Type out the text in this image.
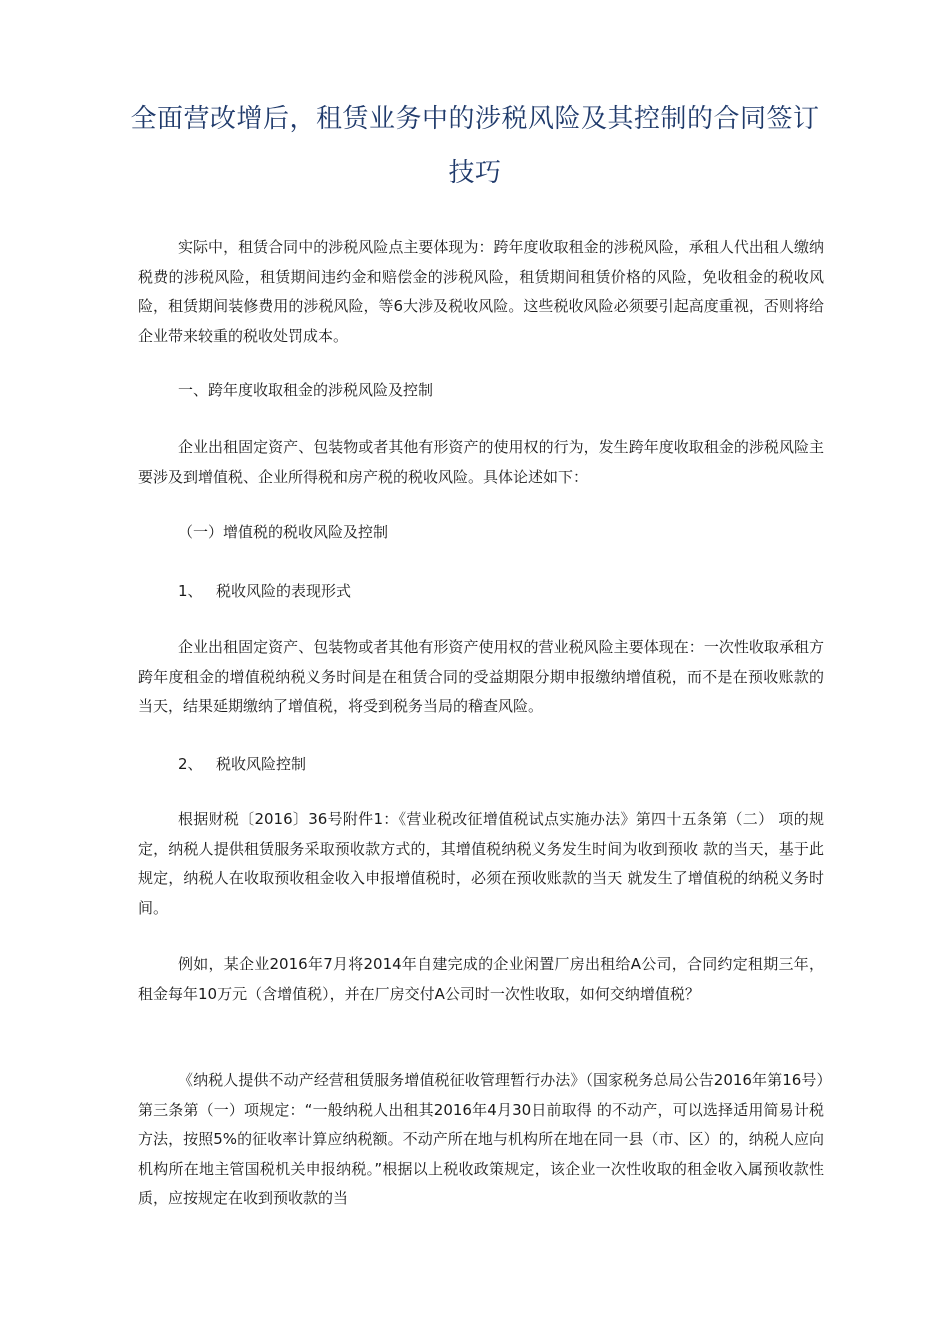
全面营改增后，租赁业务中的涉税风险及其控制的合同签订技巧

实际中，租赁合同中的涉税风险点主要体现为：跨年度收取租金的涉税风险，承租人代出租人缴纳税费的涉税风险，租赁期间违约金和赔偿金的涉税风险，租赁期间租赁价格的风险，免收租金的税收风险，租赁期间装修费用的涉税风险，等6大涉及税收风险。这些税收风险必须要引起高度重视，否则将给企业带来较重的税收处罚成本。

一、跨年度收取租金的涉税风险及控制

企业出租固定资产、包装物或者其他有形资产的使用权的行为，发生跨年度收取租金的涉税风险主要涉及到增值税、企业所得税和房产税的税收风险。具体论述如下：

（一）增值税的税收风险及控制

1、 税收风险的表现形式

企业出租固定资产、包装物或者其他有形资产使用权的营业税风险主要体现在：一次性收取承租方跨年度租金的增值税纳税义务时间是在租赁合同的受益期限分期申报缴纳增值税，而不是在预收账款的当天，结果延期缴纳了增值税，将受到税务当局的稽查风险。

2、 税收风险控制

根据财税〔2016〕36号附件1：《营业税改征增值税试点实施办法》第四十五条第（二） 项的规定，纳税人提供租赁服务采取预收款方式的，其增值税纳税义务发生时间为收到预收 款的当天，基于此规定，纳税人在收取预收租金收入申报增值税时，必须在预收账款的当天 就发生了增值税的纳税义务时间。

例如，某企业2016年7月将2014年自建完成的企业闲置厂房出租给A公司，合同约定租期三年，租金每年10万元（含增值税），并在厂房交付A公司时一次性收取，如何交纳增值税？

《纳税人提供不动产经营租赁服务增值税征收管理暂行办法》（国家税务总局公告2016年第16号）第三条第（一）项规定：“一般纳税人出租其2016年4月30日前取得 的不动产，可以选择适用简易计税方法，按照5%的征收率计算应纳税额。不动产所在地与机构所在地在同一县（市、区）的，纳税人应向机构所在地主管国税机关申报纳税。”根据以上税收政策规定，该企业一次性收取的租金收入属预收款性质，应按规定在收到预收款的当
